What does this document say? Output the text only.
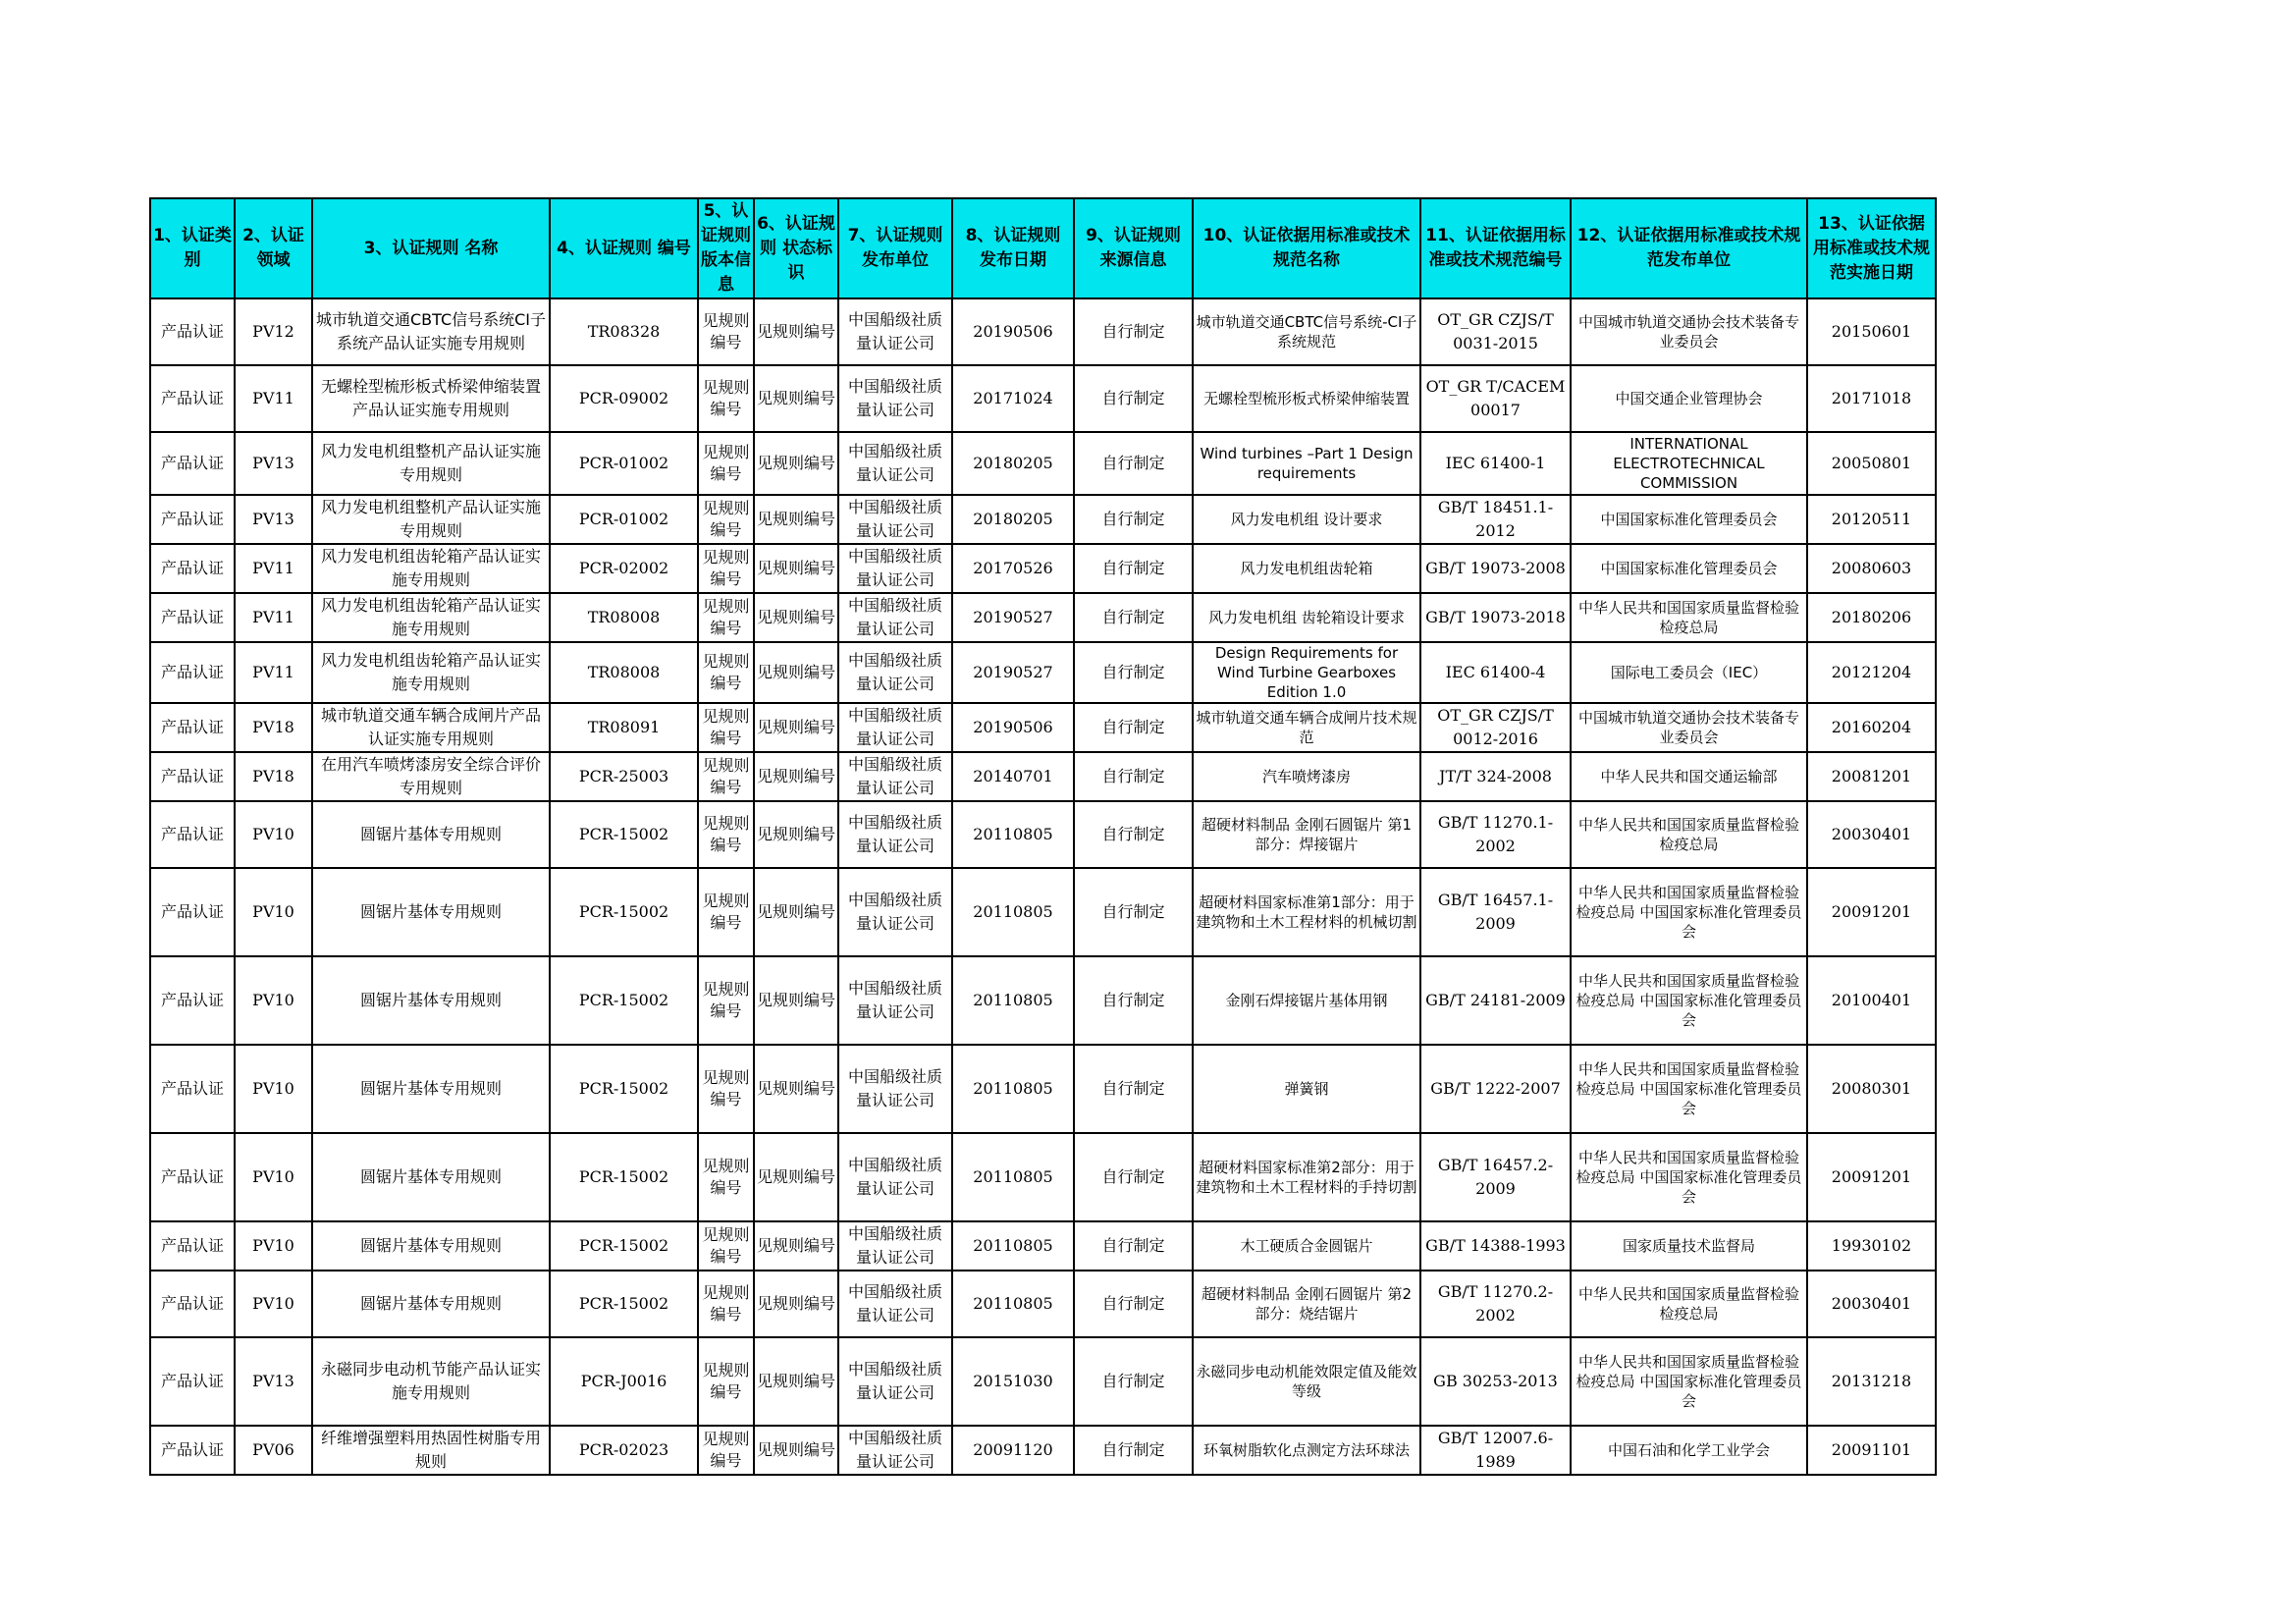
1、认证类别	2、认证领域	3、认证规则 名称	4、认证规则 编号	5、认证规则版本信息	6、认证规则 状态标识	7、认证规则 发布单位	8、认证规则 发布日期	9、认证规则 来源信息	10、认证依据用标准或技术规范名称	11、认证依据用标准或技术规范编号	12、认证依据用标准或技术规范发布单位	13、认证依据用标准或技术规范实施日期
产品认证	PV12	城市轨道交通CBTC信号系统CI子系统产品认证实施专用规则	TR08328	见规则编号	见规则编号	中国船级社质量认证公司	20190506	自行制定	城市轨道交通CBTC信号系统-CI子系统规范	OT_GR CZJS/T 0031-2015	中国城市轨道交通协会技术装备专业委员会	20150601
产品认证	PV11	无螺栓型梳形板式桥梁伸缩装置产品认证实施专用规则	PCR-09002	见规则编号	见规则编号	中国船级社质量认证公司	20171024	自行制定	无螺栓型梳形板式桥梁伸缩装置	OT_GR T/CACEM 00017	中国交通企业管理协会	20171018
产品认证	PV13	风力发电机组整机产品认证实施专用规则	PCR-01002	见规则编号	见规则编号	中国船级社质量认证公司	20180205	自行制定	Wind turbines –Part 1 Design requirements	IEC 61400-1	INTERNATIONAL ELECTROTECHNICAL COMMISSION	20050801
产品认证	PV13	风力发电机组整机产品认证实施专用规则	PCR-01002	见规则编号	见规则编号	中国船级社质量认证公司	20180205	自行制定	风力发电机组 设计要求	GB/T 18451.1-2012	中国国家标准化管理委员会	20120511
产品认证	PV11	风力发电机组齿轮箱产品认证实施专用规则	PCR-02002	见规则编号	见规则编号	中国船级社质量认证公司	20170526	自行制定	风力发电机组齿轮箱	GB/T 19073-2008	中国国家标准化管理委员会	20080603
产品认证	PV11	风力发电机组齿轮箱产品认证实施专用规则	TR08008	见规则编号	见规则编号	中国船级社质量认证公司	20190527	自行制定	风力发电机组 齿轮箱设计要求	GB/T 19073-2018	中华人民共和国国家质量监督检验检疫总局	20180206
产品认证	PV11	风力发电机组齿轮箱产品认证实施专用规则	TR08008	见规则编号	见规则编号	中国船级社质量认证公司	20190527	自行制定	Design Requirements for Wind Turbine Gearboxes Edition 1.0	IEC 61400-4	国际电工委员会（IEC）	20121204
产品认证	PV18	城市轨道交通车辆合成闸片产品认证实施专用规则	TR08091	见规则编号	见规则编号	中国船级社质量认证公司	20190506	自行制定	城市轨道交通车辆合成闸片技术规范	OT_GR CZJS/T 0012-2016	中国城市轨道交通协会技术装备专业委员会	20160204
产品认证	PV18	在用汽车喷烤漆房安全综合评价专用规则	PCR-25003	见规则编号	见规则编号	中国船级社质量认证公司	20140701	自行制定	汽车喷烤漆房	JT/T 324-2008	中华人民共和国交通运输部	20081201
产品认证	PV10	圆锯片基体专用规则	PCR-15002	见规则编号	见规则编号	中国船级社质量认证公司	20110805	自行制定	超硬材料制品 金刚石圆锯片 第1部分：焊接锯片	GB/T 11270.1-2002	中华人民共和国国家质量监督检验检疫总局	20030401
产品认证	PV10	圆锯片基体专用规则	PCR-15002	见规则编号	见规则编号	中国船级社质量认证公司	20110805	自行制定	超硬材料国家标准第1部分：用于建筑物和土木工程材料的机械切割	GB/T 16457.1-2009	中华人民共和国国家质量监督检验检疫总局 中国国家标准化管理委员会	20091201
产品认证	PV10	圆锯片基体专用规则	PCR-15002	见规则编号	见规则编号	中国船级社质量认证公司	20110805	自行制定	金刚石焊接锯片基体用钢	GB/T 24181-2009	中华人民共和国国家质量监督检验检疫总局 中国国家标准化管理委员会	20100401
产品认证	PV10	圆锯片基体专用规则	PCR-15002	见规则编号	见规则编号	中国船级社质量认证公司	20110805	自行制定	弹簧钢	GB/T 1222-2007	中华人民共和国国家质量监督检验检疫总局 中国国家标准化管理委员会	20080301
产品认证	PV10	圆锯片基体专用规则	PCR-15002	见规则编号	见规则编号	中国船级社质量认证公司	20110805	自行制定	超硬材料国家标准第2部分：用于建筑物和土木工程材料的手持切割	GB/T 16457.2-2009	中华人民共和国国家质量监督检验检疫总局 中国国家标准化管理委员会	20091201
产品认证	PV10	圆锯片基体专用规则	PCR-15002	见规则编号	见规则编号	中国船级社质量认证公司	20110805	自行制定	木工硬质合金圆锯片	GB/T 14388-1993	国家质量技术监督局	19930102
产品认证	PV10	圆锯片基体专用规则	PCR-15002	见规则编号	见规则编号	中国船级社质量认证公司	20110805	自行制定	超硬材料制品 金刚石圆锯片 第2部分：烧结锯片	GB/T 11270.2-2002	中华人民共和国国家质量监督检验检疫总局	20030401
产品认证	PV13	永磁同步电动机节能产品认证实施专用规则	PCR-J0016	见规则编号	见规则编号	中国船级社质量认证公司	20151030	自行制定	永磁同步电动机能效限定值及能效等级	GB 30253-2013	中华人民共和国国家质量监督检验检疫总局 中国国家标准化管理委员会	20131218
产品认证	PV06	纤维增强塑料用热固性树脂专用规则	PCR-02023	见规则编号	见规则编号	中国船级社质量认证公司	20091120	自行制定	环氧树脂软化点测定方法环球法	GB/T 12007.6-1989	中国石油和化学工业学会	20091101
